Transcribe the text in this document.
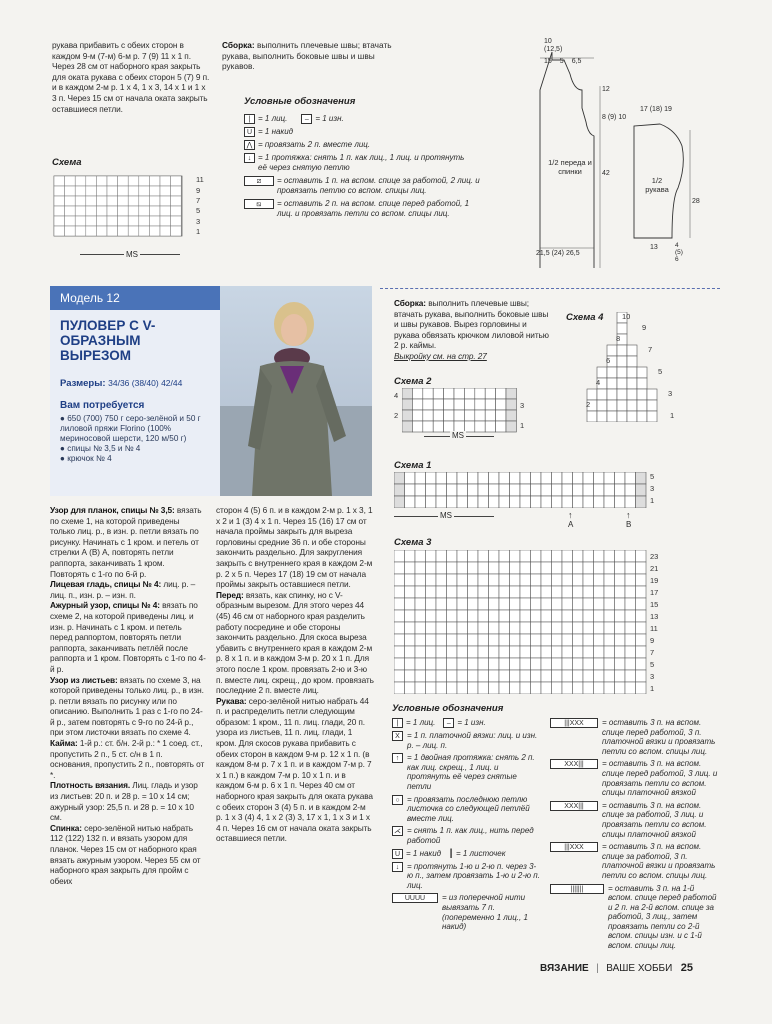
рукава прибавить с обеих сторон в каждом 9-м (7-м) 6-м р. 7 (9) 11 x 1 п. Через 28 см от наборного края закрыть для оката рукава с обеих сторон 5 (7) 9 п. и в каждом 2-м р. 1 x 4, 1 x 3, 14 x 1 и 1 x 3 п. Через 15 см от начала оката закрыть оставшиеся петли.

Схема
11
9
7
5
3
1
MS
Сборка: выполнить плечевые швы; втачать рукава, выполнить боковые швы и швы рукавов.
Условные обозначения
| = 1 лиц.	– = 1 изн.
U = 1 накид
⋀ = провязать 2 п. вместе лиц.
↓ = 1 протяжка: снять 1 п. как лиц., 1 лиц. и протянуть её через снятую петлю
⧄	= оставить 1 п. на вспом. спице за работой, 2 лиц. и провязать петлю со вспом. спицы лиц.
⧅	= оставить 2 п. на вспом. спице перед работой, 1 лиц. и провязать петли со вспом. спицы лиц.
10
(12,5)
15 5 6,5
12
8 (9) 10
1/2 переда и спинки	42
21,5 (24) 26,5
17 (18) 19
1/2 рукава
28
13	4 (5) 6
Модель 12
ПУЛОВЕР С V-ОБРАЗНЫМ ВЫРЕЗОМ
Размеры: 34/36 (38/40) 42/44
Вам потребуется
● 650 (700) 750 г серо-зелёной и 50 г лиловой пряжи Florino (100% мериносовой шерсти, 120 м/50 г)
● спицы № 3,5 и № 4
● крючок № 4

Узор для планок, спицы № 3,5: вязать по схеме 1, на которой приведены только лиц. р., в изн. р. петли вязать по рисунку. Начинать с 1 кром. и петель от стрелки А (В) А, повторять петли раппорта, заканчивать 1 кром. Повторять с 1-го по 6-й р.

Лицевая гладь, спицы № 4: лиц. р. – лиц. п., изн. р. – изн. п.

Ажурный узор, спицы № 4: вязать по схеме 2, на которой приведены лиц. и изн. р. Начинать с 1 кром. и петель перед раппортом, повторять петли раппорта, заканчивать петлёй после раппорта и 1 кром. Повторять с 1-го по 4-й р.

Узор из листьев: вязать по схеме 3, на которой приведены только лиц. р., в изн. р. петли вязать по рисунку или по описанию. Выполнить 1 раз с 1-го по 24-й р., затем повторять с 9-го по 24-й р., при этом листочки вязать по схеме 4.

Кайма: 1-й р.: ст. б/н. 2-й р.: * 1 соед. ст., пропустить 2 п., 5 ст. с/н в 1 п. основания, пропустить 2 п., повторять от *.

Плотность вязания. Лиц. гладь и узор из листьев: 20 п. и 28 р. = 10 x 14 см; ажурный узор: 25,5 п. и 28 р. = 10 x 10 см.

Спинка: серо-зелёной нитью набрать 112 (122) 132 п. и вязать узором для планок. Через 15 см от наборного края вязать ажурным узором. Через 55 см от наборного края закрыть для пройм с обеих

сторон 4 (5) 6 п. и в каждом 2-м р. 1 x 3, 1 x 2 и 1 (3) 4 x 1 п. Через 15 (16) 17 см от начала проймы закрыть для выреза горловины средние 36 п. и обе стороны закончить раздельно. Для закругления закрыть с внутреннего края в каждом 2-м р. 2 x 5 п. Через 17 (18) 19 см от начала проймы закрыть оставшиеся петли.

Перед: вязать, как спинку, но с V-образным вырезом. Для этого через 44 (45) 46 см от наборного края разделить работу посредине и обе стороны закончить раздельно. Для скоса выреза убавить с внутреннего края в каждом 2-м р. 8 x 1 п. и в каждом 3-м р. 20 x 1 п. Для этого после 1 кром. провязать 2-ю и 3-ю п. вместе лиц. скрещ., до кром. провязать последние 2 п. вместе лиц.

Рукава: серо-зелёной нитью набрать 44 п. и распределить петли следующим образом: 1 кром., 11 п. лиц. глади, 20 п. узора из листьев, 11 п. лиц. глади, 1 кром. Для скосов рукава прибавить с обеих сторон в каждом 9-м р. 12 x 1 п. (в каждом 8-м р. 7 x 1 п. и в каждом 7-м р. 7 x 1 п.) в каждом 7-м р. 10 x 1 п. и в каждом 6-м р. 6 x 1 п. Через 40 см от наборного края закрыть для оката рукава с обеих сторон 3 (4) 5 п. и в каждом 2-м р. 1 x 3 (4) 4, 1 x 2 (3) 3, 17 x 1, 1 x 3 и 1 x 4 п. Через 16 см от начала оката закрыть оставшиеся петли.

Сборка: выполнить плечевые швы; втачать рукава, выполнить боковые швы и швы рукавов. Вырез горловины и рукава обвязать крючком лиловой нитью 2 р. каймы.
Выкройку см. на стр. 27
Схема 2
4
2
3
1
MS
Схема 4 10
9
8
7
6
5
4
3
2
1
Схема 1
5
3
1
MS	↑
A
↑
B
Схема 3
23
21
19
17
15
13
11
9
7
5
3
1
Условные обозначения
| = 1 лиц.	– = 1 изн.
X = 1 п. платочной вязки: лиц. и изн. р. – лиц. п.
↑ = 1 двойная протяжка: снять 2 п. как лиц. скрещ., 1 лиц. и протянуть её через снятые петли
○ = провязать последнюю петлю листочка со следующей петлёй вместе лиц.
⋌ = снять 1 п. как лиц., нить перед работой
U = 1 накид Ι = 1 листочек
↓ = протянуть 1-ю и 2-ю п. через 3-ю п., затем провязать 1-ю и 2-ю п. лиц.
UUUU	= из поперечной нити вывязать 7 п. (попеременно 1 лиц., 1 накид)
|||XXX	= оставить 3 п. на вспом. спице перед работой, 3 п. платочной вязки и провязать петли со вспом. спицы лиц.
XXX|||	= оставить 3 п. на вспом. спице перед работой, 3 лиц. и провязать петли со вспом. спицы платочной вязкой
XXX|||	= оставить 3 п. на вспом. спице за работой, 3 лиц. и провязать петли со вспом. спицы платочной вязкой
|||XXX	= оставить 3 п. на вспом. спице за работой, 3 п. платочной вязки и провязать петли со вспом. спицы лиц.
|||||||	= оставить 3 п. на 1-й вспом. спице перед работой и 2 п. на 2-й вспом. спице за работой, 3 лиц., затем провязать петли со 2-й вспом. спицы изн. и с 1-й вспом. спицы лиц.
ВЯЗАНИЕ | ВАШЕ ХОББИ 25
